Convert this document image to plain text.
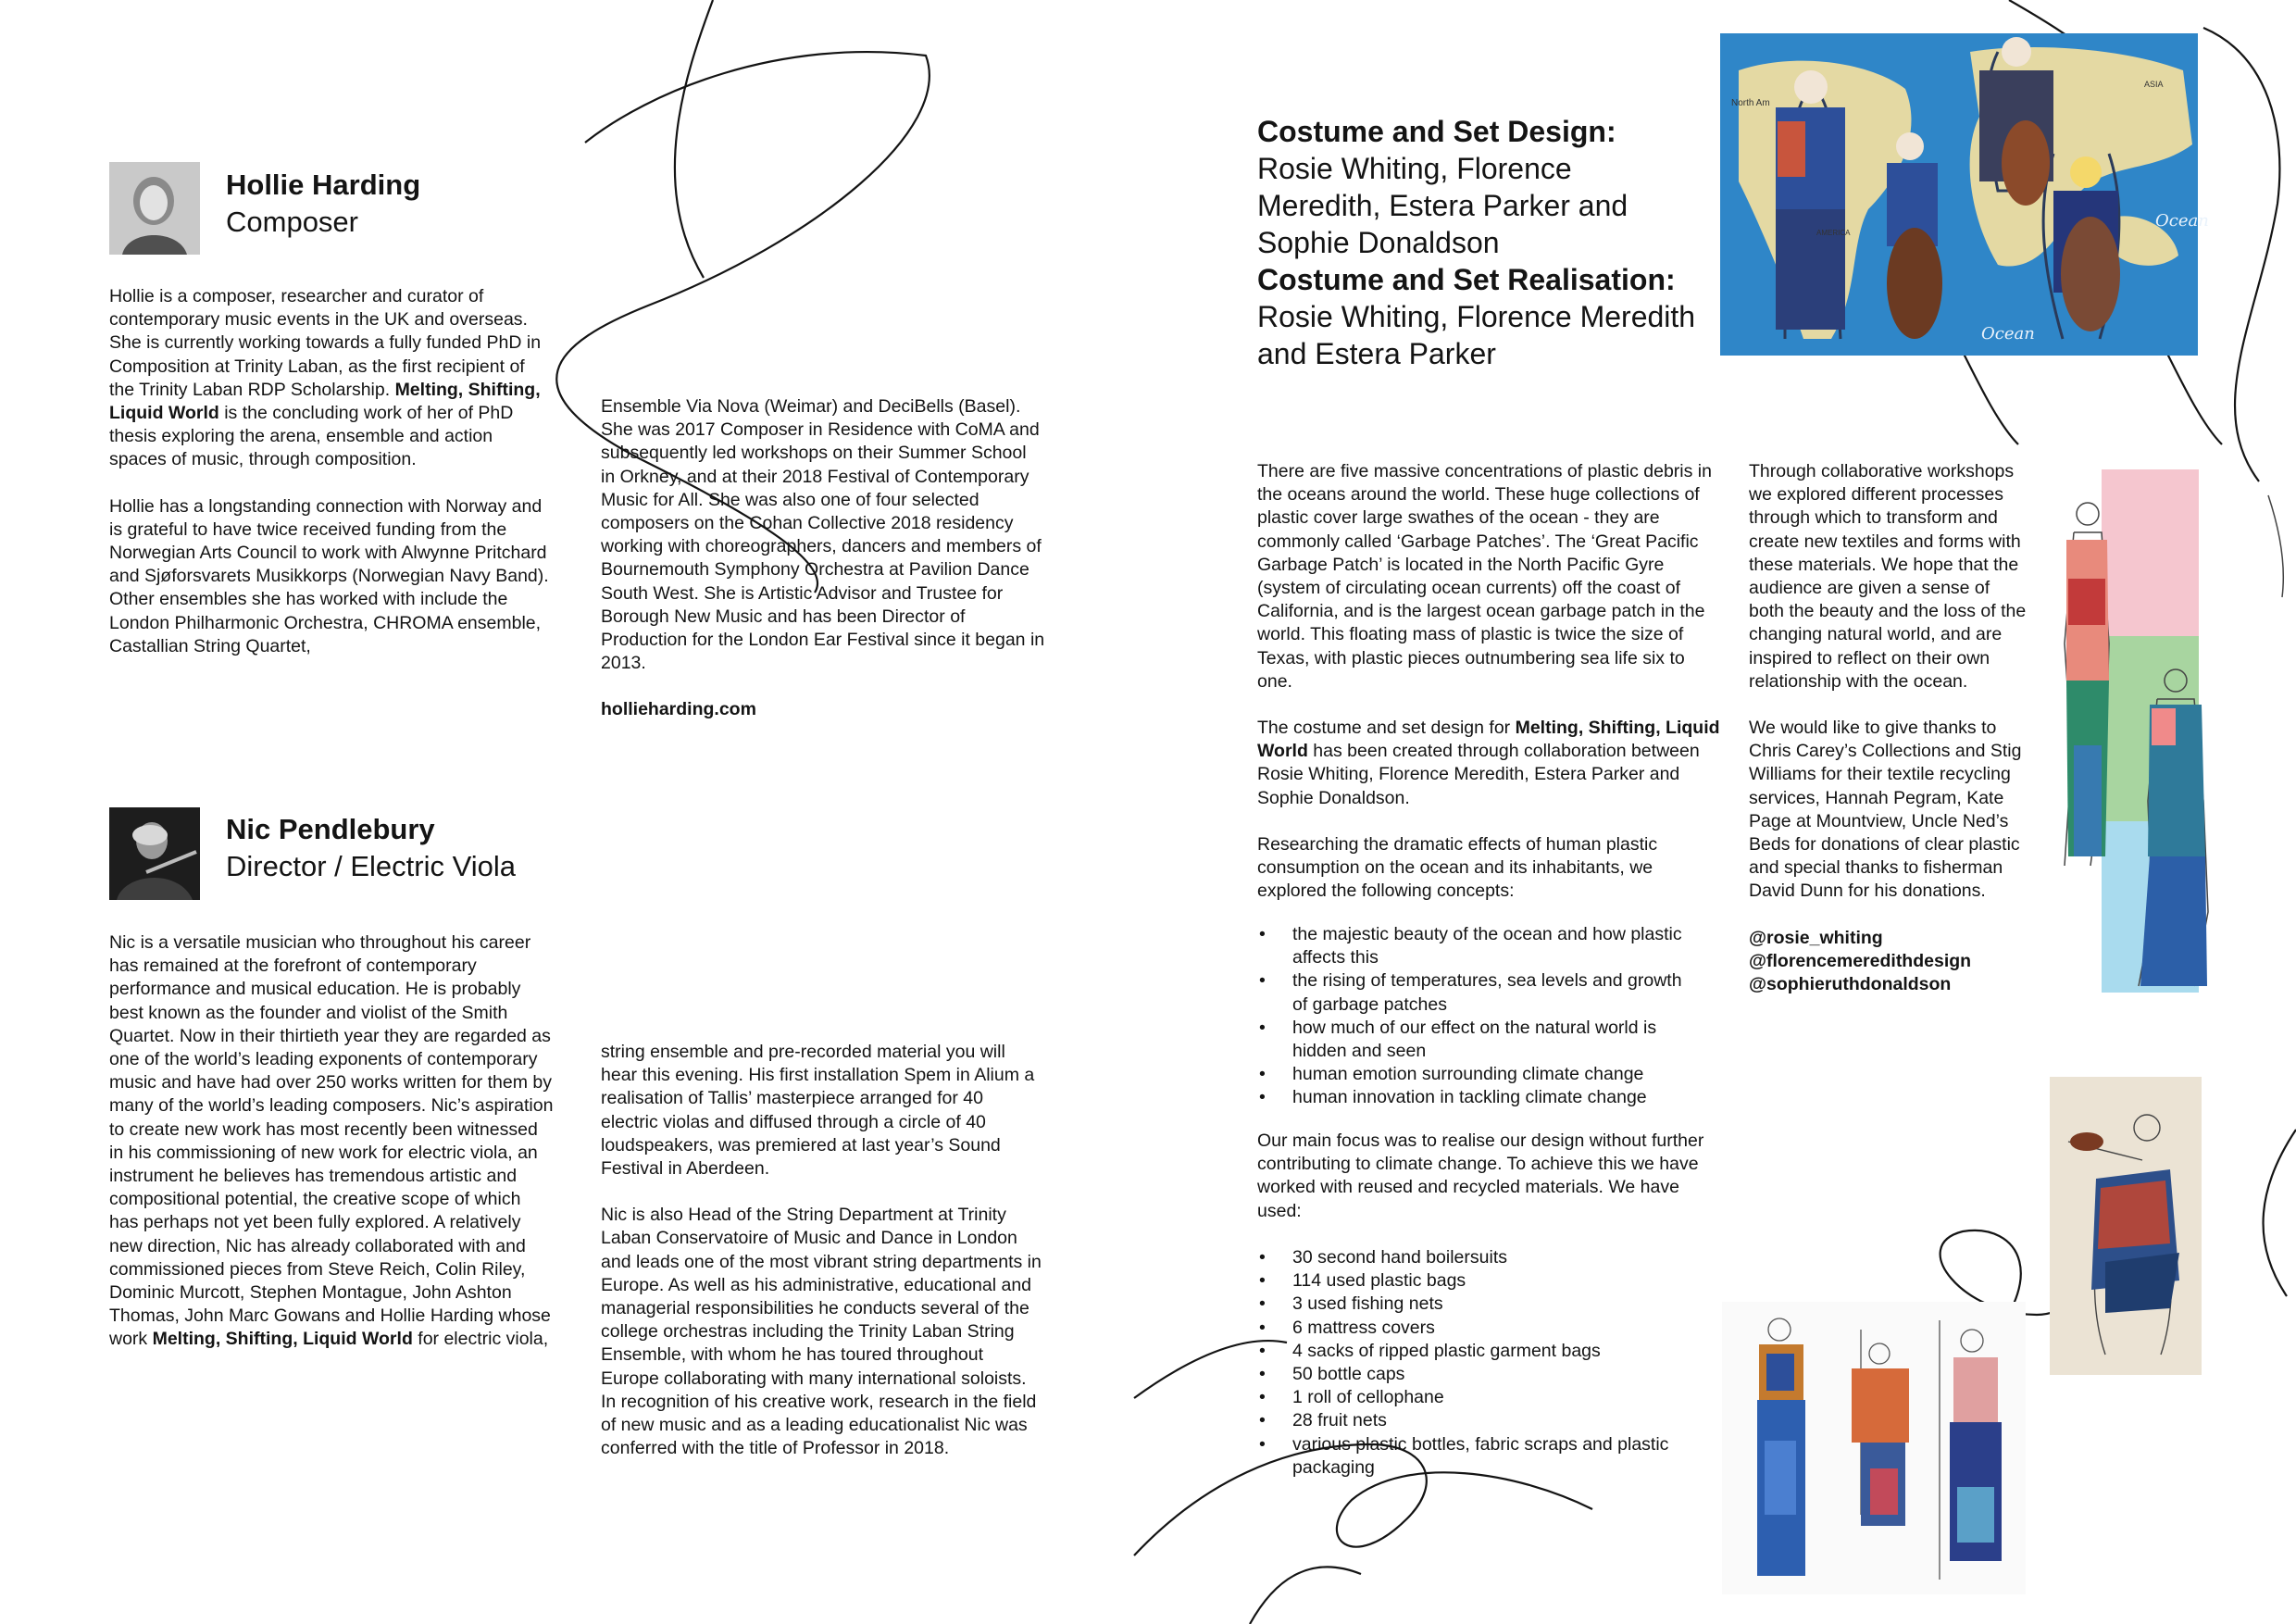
Hollie Harding

Composer

Hollie is a composer, researcher and curator of contemporary music events in the UK and overseas. She is currently working towards a fully funded PhD in Composition at Trinity Laban, as the first recipient of the Trinity Laban RDP Scholarship. Melting, Shifting, Liquid World is the concluding work of her of PhD thesis exploring the arena, ensemble and action spaces of music, through composition.
Hollie has a longstanding connection with Norway and is grateful to have twice received funding from the Norwegian Arts Council to work with Alwynne Pritchard and Sjøforsvarets Musikkorps (Norwegian Navy Band). Other ensembles she has worked with include the London Philharmonic Orchestra, CHROMA ensemble, Castallian String Quartet,

Ensemble Via Nova (Weimar) and DeciBells (Basel). She was 2017 Composer in Residence with CoMA and subsequently led workshops on their Summer School in Orkney, and at their 2018 Festival of Contemporary Music for All. She was also one of four selected composers on the Cohan Collective 2018 residency working with choreographers, dancers and members of Bournemouth Symphony Orchestra at Pavilion Dance South West. She is Artistic Advisor and Trustee for Borough New Music and has been Director of Production for the London Ear Festival since it began in 2013.
hollieharding.com

Nic Pendlebury

Director / Electric Viola

Nic is a versatile musician who throughout his career has remained at the forefront of contemporary performance and musical education. He is probably best known as the founder and violist of the Smith Quartet. Now in their thirtieth year they are regarded as one of the world’s leading exponents of contemporary music and have had over 250 works written for them by many of the world’s leading composers. Nic’s aspiration to create new work has most recently been witnessed in his commissioning of new work for electric viola, an instrument he believes has tremendous artistic and compositional potential, the creative scope of which has perhaps not yet been fully explored. A relatively new direction, Nic has already collaborated with and commissioned pieces from Steve Reich, Colin Riley, Dominic Murcott, Stephen Montague, John Ashton Thomas, John Marc Gowans and Hollie Harding whose work Melting, Shifting, Liquid World for electric viola,

string ensemble and pre-recorded material you will hear this evening. His first installation Spem in Alium a realisation of Tallis’ masterpiece arranged for 40 electric violas and diffused through a circle of 40 loudspeakers, was premiered at last year’s Sound Festival in Aberdeen.
Nic is also Head of the String Department at Trinity Laban Conservatoire of Music and Dance in London and leads one of the most vibrant string departments in Europe. As well as his administrative, educational and managerial responsibilities he conducts several of the college orchestras including the Trinity Laban String Ensemble, with whom he has toured throughout Europe collaborating with many international soloists. In recognition of his creative work, research in the field of new music and as a leading educationalist Nic was conferred with the title of Professor in 2018.

Costume and Set Design:
Rosie Whiting, Florence Meredith, Estera Parker and Sophie Donaldson
Costume and Set Realisation:
Rosie Whiting, Florence Meredith and Estera Parker
North Am
ASIA
AMERICA
Ocean
Ocean

There are five massive concentrations of plastic debris in the oceans around the world. These huge collections of plastic cover large swathes of the ocean - they are commonly called ‘Garbage Patches’. The ‘Great Pacific Garbage Patch’ is located in the North Pacific Gyre (system of circulating ocean currents) off the coast of California, and is the largest ocean garbage patch in the world. This floating mass of plastic is twice the size of Texas, with plastic pieces outnumbering sea life six to one.
The costume and set design for Melting, Shifting, Liquid World has been created through collaboration between Rosie Whiting, Florence Meredith, Estera Parker and Sophie Donaldson.
Researching the dramatic effects of human plastic consumption on the ocean and its inhabitants, we explored the following concepts:

• the majestic beauty of the ocean and how plastic affects this
• the rising of temperatures, sea levels and growth of garbage patches
• how much of our effect on the natural world is hidden and seen
• human emotion surrounding climate change
• human innovation in tackling climate change

Our main focus was to realise our design without further contributing to climate change. To achieve this we have worked with reused and recycled materials. We have used:

• 30 second hand boilersuits
• 114 used plastic bags
• 3 used fishing nets
• 6 mattress covers
• 4 sacks of ripped plastic garment bags
• 50 bottle caps
• 1 roll of cellophane
• 28 fruit nets
• various plastic bottles, fabric scraps and plastic packaging

Through collaborative workshops we explored different processes through which to transform and create new textiles and forms with these materials. We hope that the audience are given a sense of both the beauty and the loss of the changing natural world, and are inspired to reflect on their own relationship with the ocean.
We would like to give thanks to Chris Carey’s Collections and Stig Williams for their textile recycling services, Hannah Pegram, Kate Page at Mountview, Uncle Ned’s Beds for donations of clear plastic and special thanks to fisherman David Dunn for his donations.
@rosie_whiting
@florencemeredithdesign
@sophieruthdonaldson
